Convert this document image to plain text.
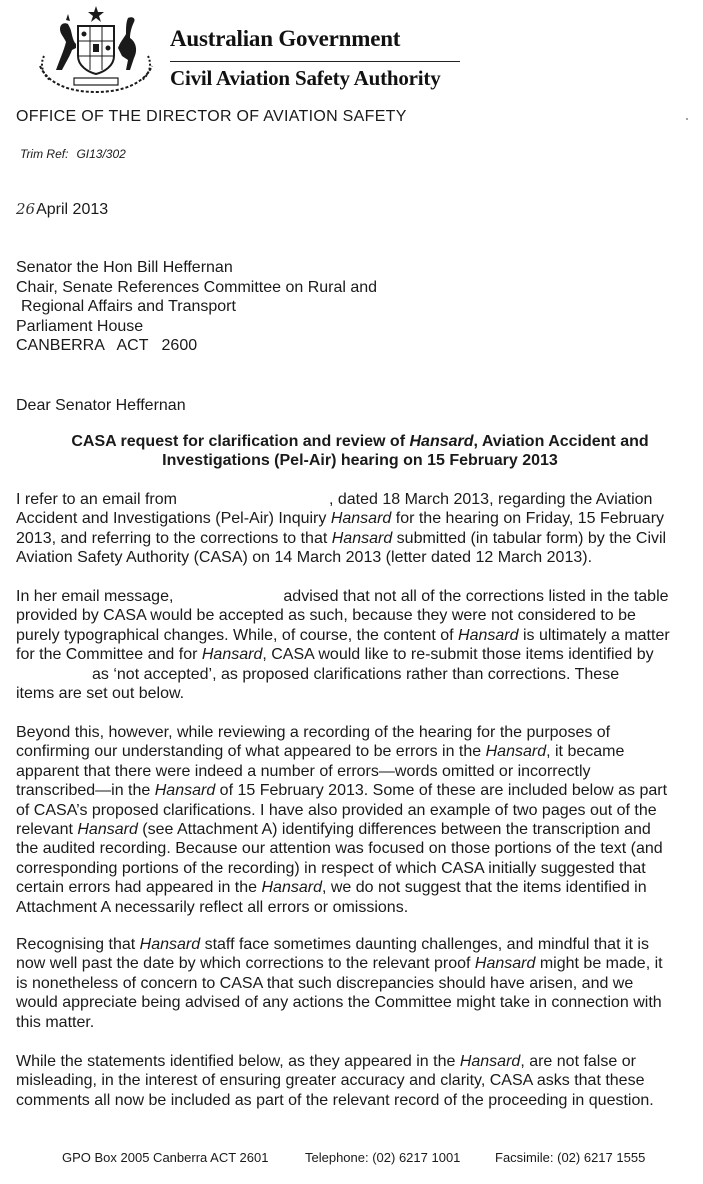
Australian Government
Civil Aviation Safety Authority
OFFICE OF THE DIRECTOR OF AVIATION SAFETY
Trim Ref: GI13/302
26April 2013
Senator the Hon Bill Heffernan
Chair, Senate References Committee on Rural and
Regional Affairs and Transport
Parliament House
CANBERRA   ACT   2600
Dear Senator Heffernan
CASA request for clarification and review of Hansard, Aviation Accident and
Investigations (Pel-Air) hearing on 15 February 2013
I refer to an email from	, dated 18 March 2013, regarding the Aviation
Accident and Investigations (Pel-Air) Inquiry Hansard for the hearing on Friday, 15 February
2013, and referring to the corrections to that Hansard submitted (in tabular form) by the Civil
Aviation Safety Authority (CASA) on 14 March 2013 (letter dated 12 March 2013).
In her email message,	advised that not all of the corrections listed in the table
provided by CASA would be accepted as such, because they were not considered to be
purely typographical changes. While, of course, the content of Hansard is ultimately a matter
for the Committee and for Hansard, CASA would like to re-submit those items identified by
as ‘not accepted’, as proposed clarifications rather than corrections. These
items are set out below.
Beyond this, however, while reviewing a recording of the hearing for the purposes of
confirming our understanding of what appeared to be errors in the Hansard, it became
apparent that there were indeed a number of errors—words omitted or incorrectly
transcribed—in the Hansard of 15 February 2013. Some of these are included below as part
of CASA’s proposed clarifications. I have also provided an example of two pages out of the
relevant Hansard (see Attachment A) identifying differences between the transcription and
the audited recording. Because our attention was focused on those portions of the text (and
corresponding portions of the recording) in respect of which CASA initially suggested that
certain errors had appeared in the Hansard, we do not suggest that the items identified in
Attachment A necessarily reflect all errors or omissions.
Recognising that Hansard staff face sometimes daunting challenges, and mindful that it is
now well past the date by which corrections to the relevant proof Hansard might be made, it
is nonetheless of concern to CASA that such discrepancies should have arisen, and we
would appreciate being advised of any actions the Committee might take in connection with
this matter.
While the statements identified below, as they appeared in the Hansard, are not false or
misleading, in the interest of ensuring greater accuracy and clarity, CASA asks that these
comments all now be included as part of the relevant record of the proceeding in question.
GPO Box 2005 Canberra ACT 2601	Telephone: (02) 6217 1001	Facsimile: (02) 6217 1555
